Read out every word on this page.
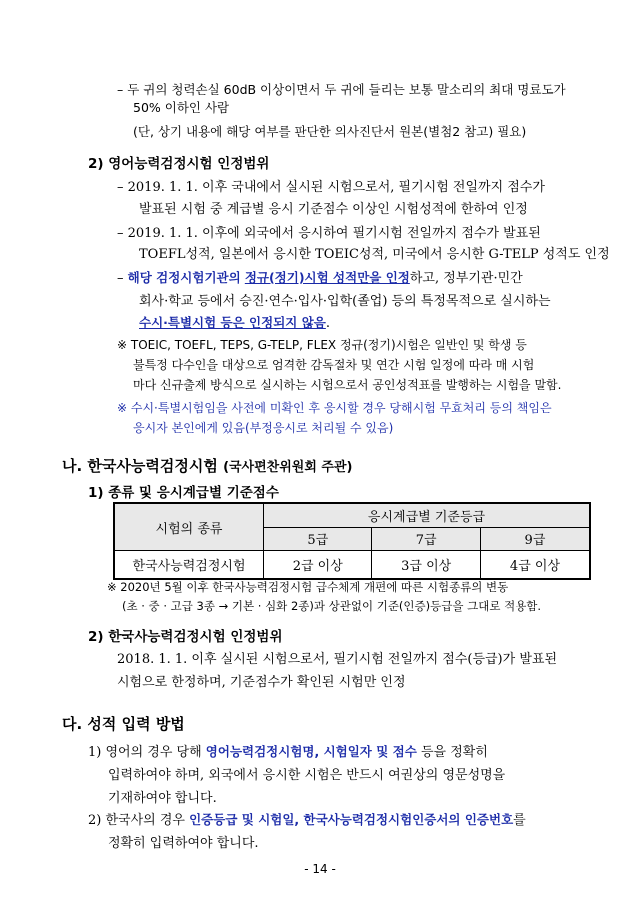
– 두 귀의 청력손실 60dB 이상이면서 두 귀에 들리는 보통 말소리의 최대 명료도가
50% 이하인 사람
(단, 상기 내용에 해당 여부를 판단한 의사진단서 원본(별첨2 참고) 필요)
2) 영어능력검정시험 인정범위
– 2019. 1. 1. 이후 국내에서 실시된 시험으로서, 필기시험 전일까지 점수가
발표된 시험 중 계급별 응시 기준점수 이상인 시험성적에 한하여 인정
– 2019. 1. 1. 이후에 외국에서 응시하여 필기시험 전일까지 점수가 발표된
TOEFL성적, 일본에서 응시한 TOEIC성적, 미국에서 응시한 G-TELP 성적도 인정
– 해당 검정시험기관의 정규(정기)시험 성적만을 인정하고, 정부기관·민간
회사·학교 등에서 승진·연수·입사·입학(졸업) 등의 특정목적으로 실시하는
수시·특별시험 등은 인정되지 않음.
※ TOEIC, TOEFL, TEPS, G-TELP, FLEX 정규(정기)시험은 일반인 및 학생 등
불특정 다수인을 대상으로 엄격한 감독절차 및 연간 시험 일정에 따라 매 시험
마다 신규출제 방식으로 실시하는 시험으로서 공인성적표를 발행하는 시험을 말함.
※ 수시·특별시험임을 사전에 미확인 후 응시할 경우 당해시험 무효처리 등의 책임은
응시자 본인에게 있음(부정응시로 처리될 수 있음)
나. 한국사능력검정시험 (국사편찬위원회 주관)
1) 종류 및 응시계급별 기준점수
시험의 종류	응시계급별 기준등급		
	5급	7급	9급
한국사능력검정시험	2급 이상	3급 이상	4급 이상
※ 2020년 5월 이후 한국사능력검정시험 급수체계 개편에 따른 시험종류의 변동
(초 · 중 · 고급 3종 → 기본 · 심화 2종)과 상관없이 기준(인증)등급을 그대로 적용함.
2) 한국사능력검정시험 인정범위
2018. 1. 1. 이후 실시된 시험으로서, 필기시험 전일까지 점수(등급)가 발표된
시험으로 한정하며, 기준점수가 확인된 시험만 인정
다. 성적 입력 방법
1) 영어의 경우 당해 영어능력검정시험명, 시험일자 및 점수 등을 정확히
입력하여야 하며, 외국에서 응시한 시험은 반드시 여권상의 영문성명을
기재하여야 합니다.
2) 한국사의 경우 인증등급 및 시험일, 한국사능력검정시험인증서의 인증번호를
정확히 입력하여야 합니다.
- 14 -
